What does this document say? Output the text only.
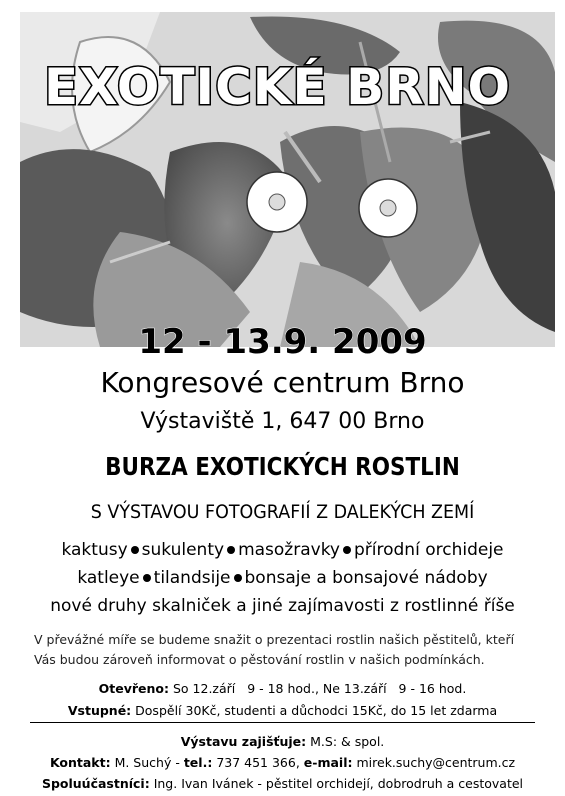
EXOTICKÉ BRNO
12 - 13.9. 2009
Kongresové centrum Brno
Výstaviště 1, 647 00 Brno
BURZA EXOTICKÝCH ROSTLIN
S VÝSTAVOU FOTOGRAFIÍ Z DALEKÝCH ZEMÍ
kaktusy sukulenty masožravky přírodní orchideje
katleye tilandsije bonsaje a bonsajové nádoby
nové druhy skalniček a jiné zajímavosti z rostlinné říše
V převážné míře se budeme snažit o prezentaci rostlin našich pěstitelů, kteří
Vás budou zároveň informovat o pěstování rostlin v našich podmínkách.
Otevřeno: So 12.září   9 - 18 hod., Ne 13.září   9 - 16 hod.
Vstupné: Dospělí 30Kč, studenti a důchodci 15Kč, do 15 let zdarma
Výstavu zajišťuje: M.S: & spol.
Kontakt: M. Suchý - tel.: 737 451 366, e-mail: mirek.suchy@centrum.cz
Spoluúčastníci: Ing. Ivan Ivánek - pěstitel orchidejí, dobrodruh a cestovatel
